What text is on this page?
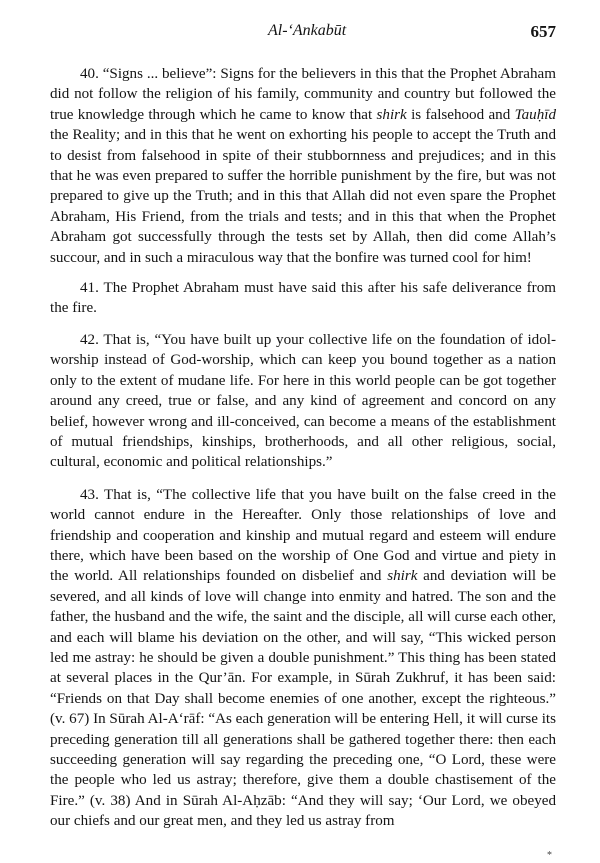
Al-‘Ankabūt	657

40. “Signs ... believe”: Signs for the believers in this that the Prophet Abraham did not follow the religion of his family, community and country but followed the true knowledge through which he came to know that shirk is falsehood and Tauḥīd the Reality; and in this that he went on exhorting his people to accept the Truth and to desist from falsehood in spite of their stubbornness and prejudices; and in this that he was even prepared to suffer the horrible punishment by the fire, but was not prepared to give up the Truth; and in this that Allah did not even spare the Prophet Abraham, His Friend, from the trials and tests; and in this that when the Prophet Abraham got successfully through the tests set by Allah, then did come Allah’s succour, and in such a miraculous way that the bonfire was turned cool for him!

41. The Prophet Abraham must have said this after his safe deliverance from the fire.

42. That is, “You have built up your collective life on the foundation of idol-worship instead of God-worship, which can keep you bound together as a nation only to the extent of mudane life. For here in this world people can be got together around any creed, true or false, and any kind of agreement and concord on any belief, however wrong and ill-conceived, can become a means of the establishment of mutual friendships, kinships, brotherhoods, and all other religious, social, cultural, economic and political relationships.”

43. That is, “The collective life that you have built on the false creed in the world cannot endure in the Hereafter. Only those relationships of love and friendship and cooperation and kinship and mutual regard and esteem will endure there, which have been based on the worship of One God and virtue and piety in the world. All relationships founded on disbelief and shirk and deviation will be severed, and all kinds of love will change into enmity and hatred. The son and the father, the husband and the wife, the saint and the disciple, all will curse each other, and each will blame his deviation on the other, and will say, “This wicked person led me astray: he should be given a double punishment.” This thing has been stated at several places in the Qur’ān. For example, in Sūrah Zukhruf, it has been said: “Friends on that Day shall become enemies of one another, except the righteous.” (v. 67) In Sūrah Al-A‘rāf: “As each generation will be entering Hell, it will curse its preceding generation till all generations shall be gathered together there: then each succeeding generation will say regarding the preceding one, “O Lord, these were the people who led us astray; therefore, give them a double chastisement of the Fire.” (v. 38) And in Sūrah Al-Aḥzāb: “And they will say; ‘Our Lord, we obeyed our chiefs and our great men, and they led us astray from

*
